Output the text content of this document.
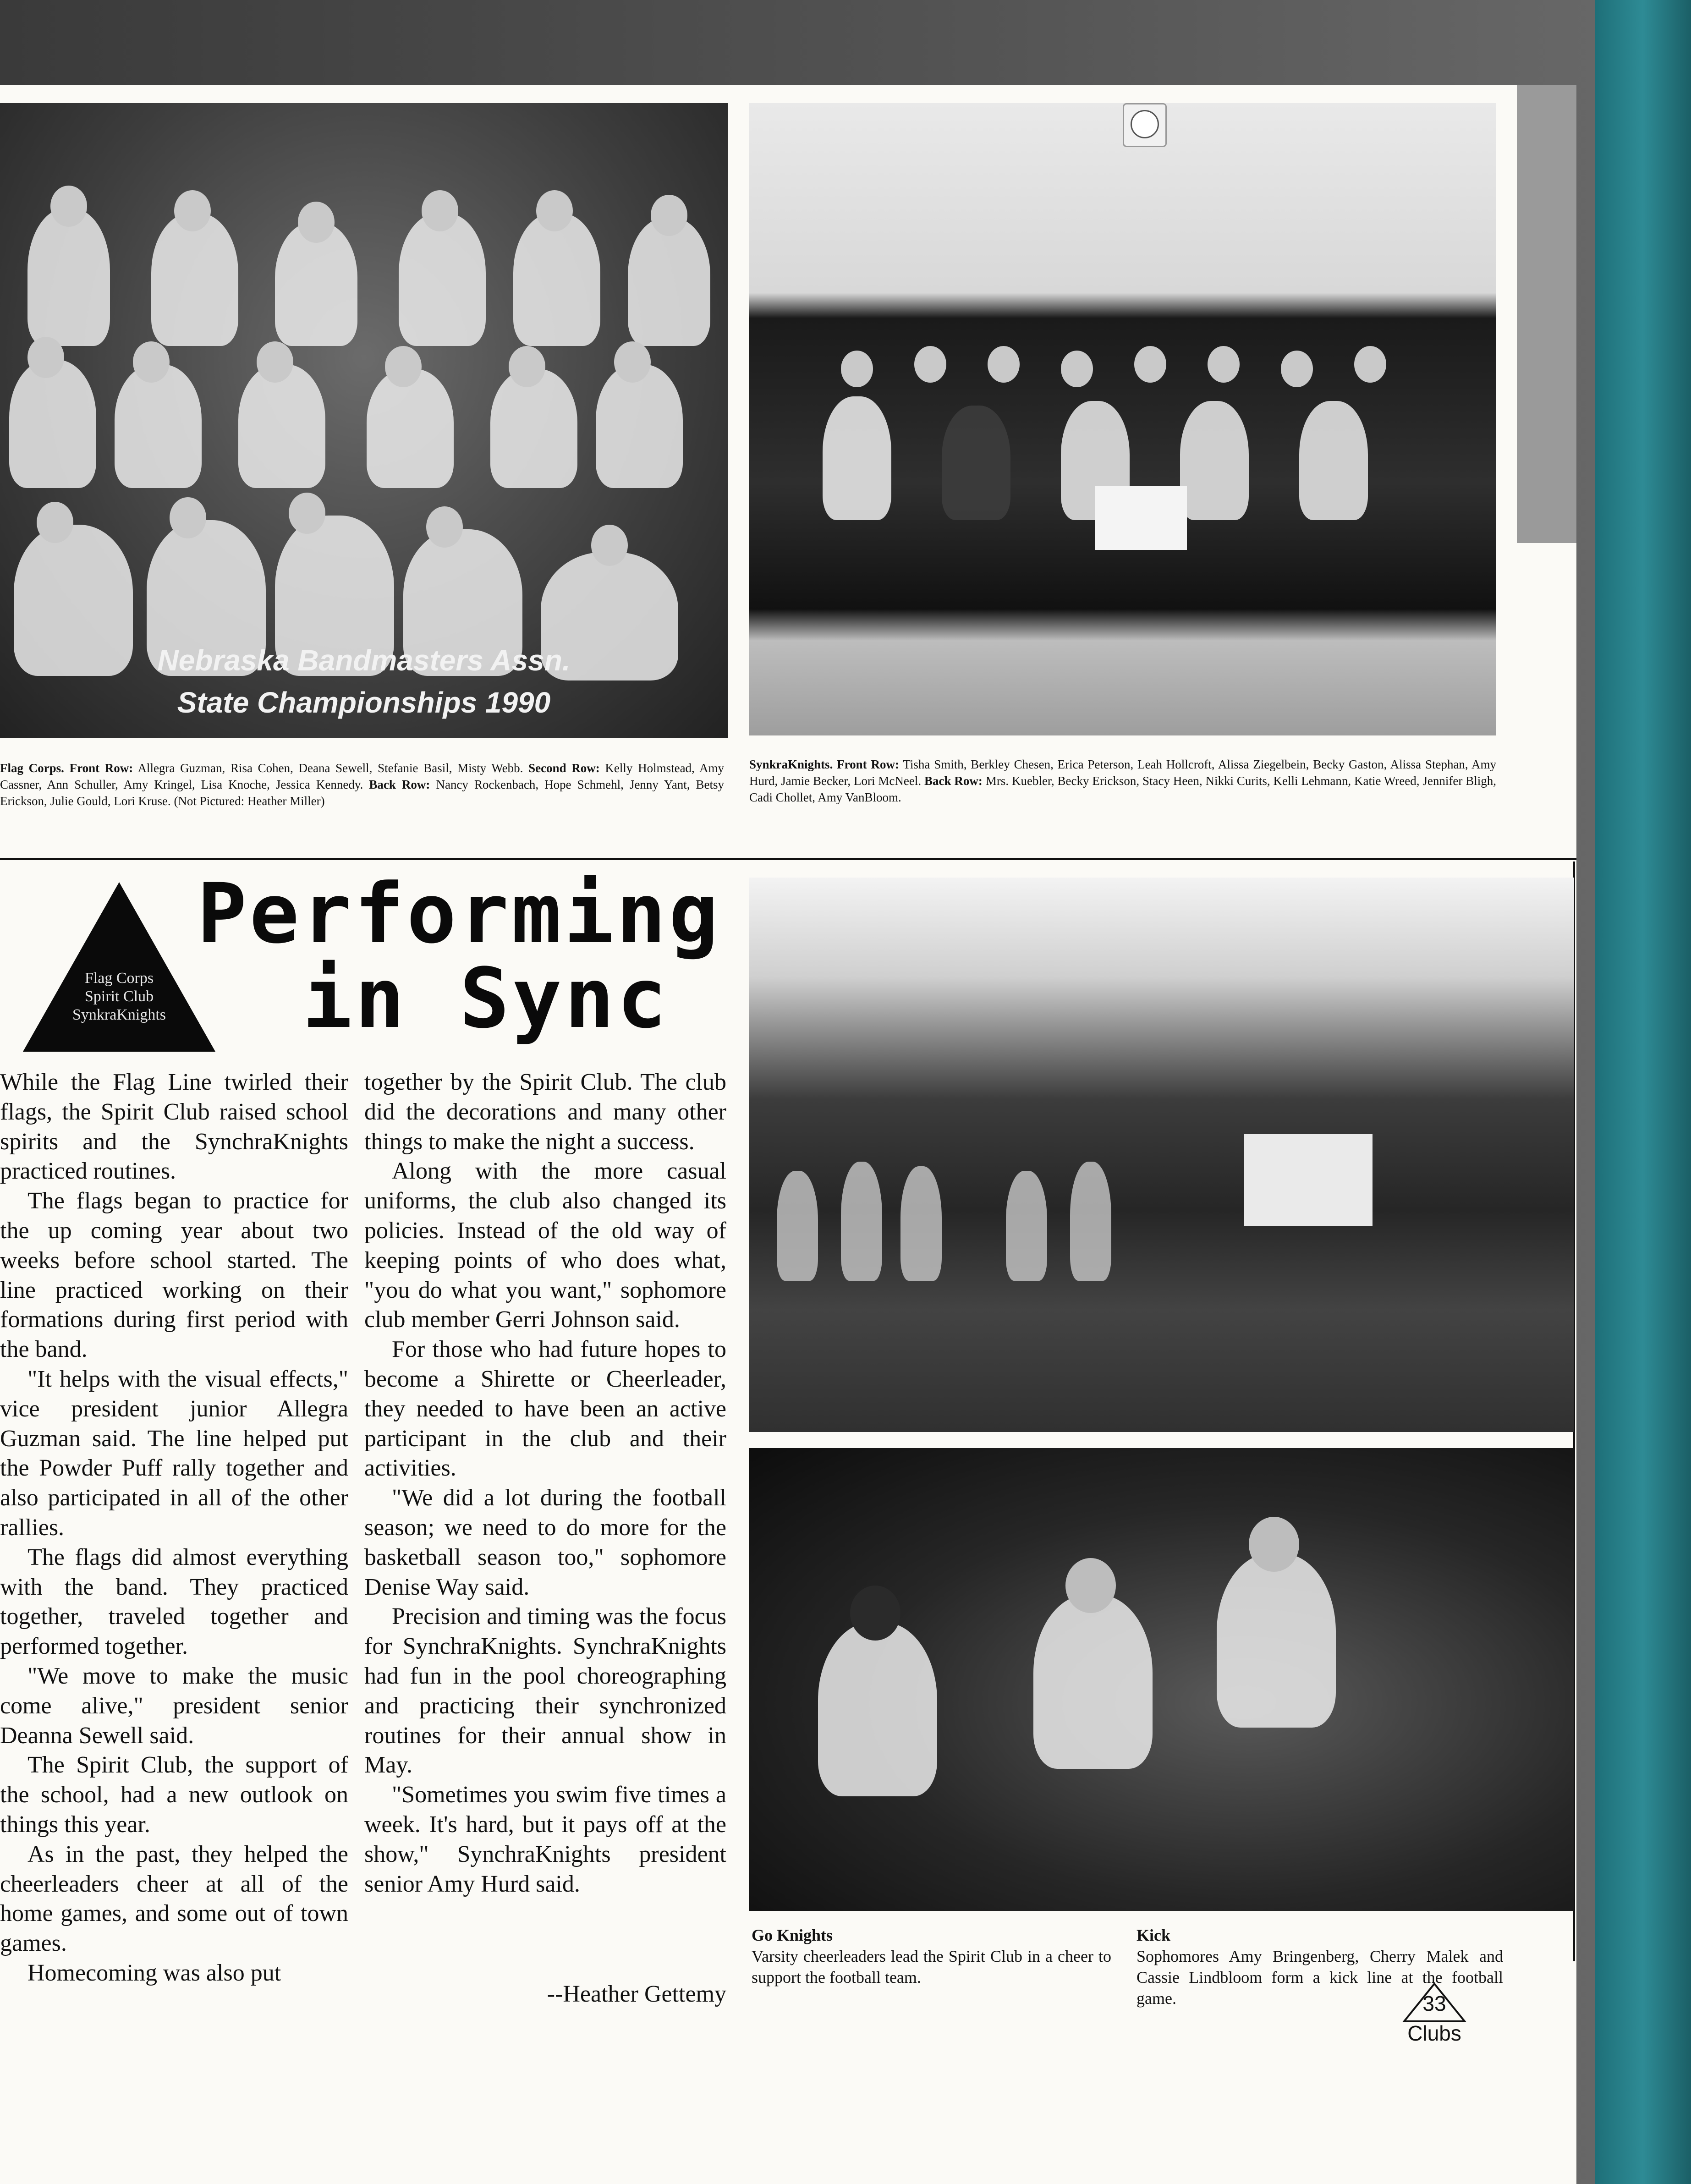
Nebraska Bandmasters Assn.
State Championships 1990
Flag Corps. Front Row: Allegra Guzman, Risa Cohen, Deana Sewell, Stefanie Basil, Misty Webb. Second Row: Kelly Holmstead, Amy Cassner, Ann Schuller, Amy Kringel, Lisa Knoche, Jessica Kennedy. Back Row: Nancy Rockenbach, Hope Schmehl, Jenny Yant, Betsy Erickson, Julie Gould, Lori Kruse. (Not Pictured: Heather Miller)
SynkraKnights. Front Row: Tisha Smith, Berkley Chesen, Erica Peterson, Leah Hollcroft, Alissa Ziegelbein, Becky Gaston, Alissa Stephan, Amy Hurd, Jamie Becker, Lori McNeel. Back Row: Mrs. Kuebler, Becky Erickson, Stacy Heen, Nikki Curits, Kelli Lehmann, Katie Wreed, Jennifer Bligh, Cadi Chollet, Amy VanBloom.
Flag Corps
Spirit Club
SynkraKnights
Performing
in Sync

While the Flag Line twirled their flags, the Spirit Club raised school spirits and the SynchraKnights practiced routines.

The flags began to practice for the up coming year about two weeks before school started. The line practiced working on their formations during first period with the band.

"It helps with the visual effects," vice president junior Allegra Guzman said. The line helped put the Powder Puff rally together and also participated in all of the other rallies.

The flags did almost everything with the band. They practiced together, traveled together and performed together.

"We move to make the music come alive," president senior Deanna Sewell said.

The Spirit Club, the support of the school, had a new outlook on things this year.

As in the past, they helped the cheerleaders cheer at all of the home games, and some out of town games.

Homecoming was also put

together by the Spirit Club. The club did the decorations and many other things to make the night a success.

Along with the more casual uniforms, the club also changed its policies. Instead of the old way of keeping points of who does what, "you do what you want," sophomore club member Gerri Johnson said.

For those who had future hopes to become a Shirette or Cheerleader, they needed to have been an active participant in the club and their activities.

"We did a lot during the football season; we need to do more for the basketball season too," sophomore Denise Way said.

Precision and timing was the focus for SynchraKnights. SynchraKnights had fun in the pool choreographing and practicing their synchronized routines for their annual show in May.

"Sometimes you swim five times a week. It's hard, but it pays off at the show," SynchraKnights president senior Amy Hurd said.

--Heather Gettemy
Go Knights
Varsity cheerleaders lead the Spirit Club in a cheer to support the football team.
Kick
Sophomores Amy Bringenberg, Cherry Malek and Cassie Lindbloom form a kick line at the football game.	33
Clubs
